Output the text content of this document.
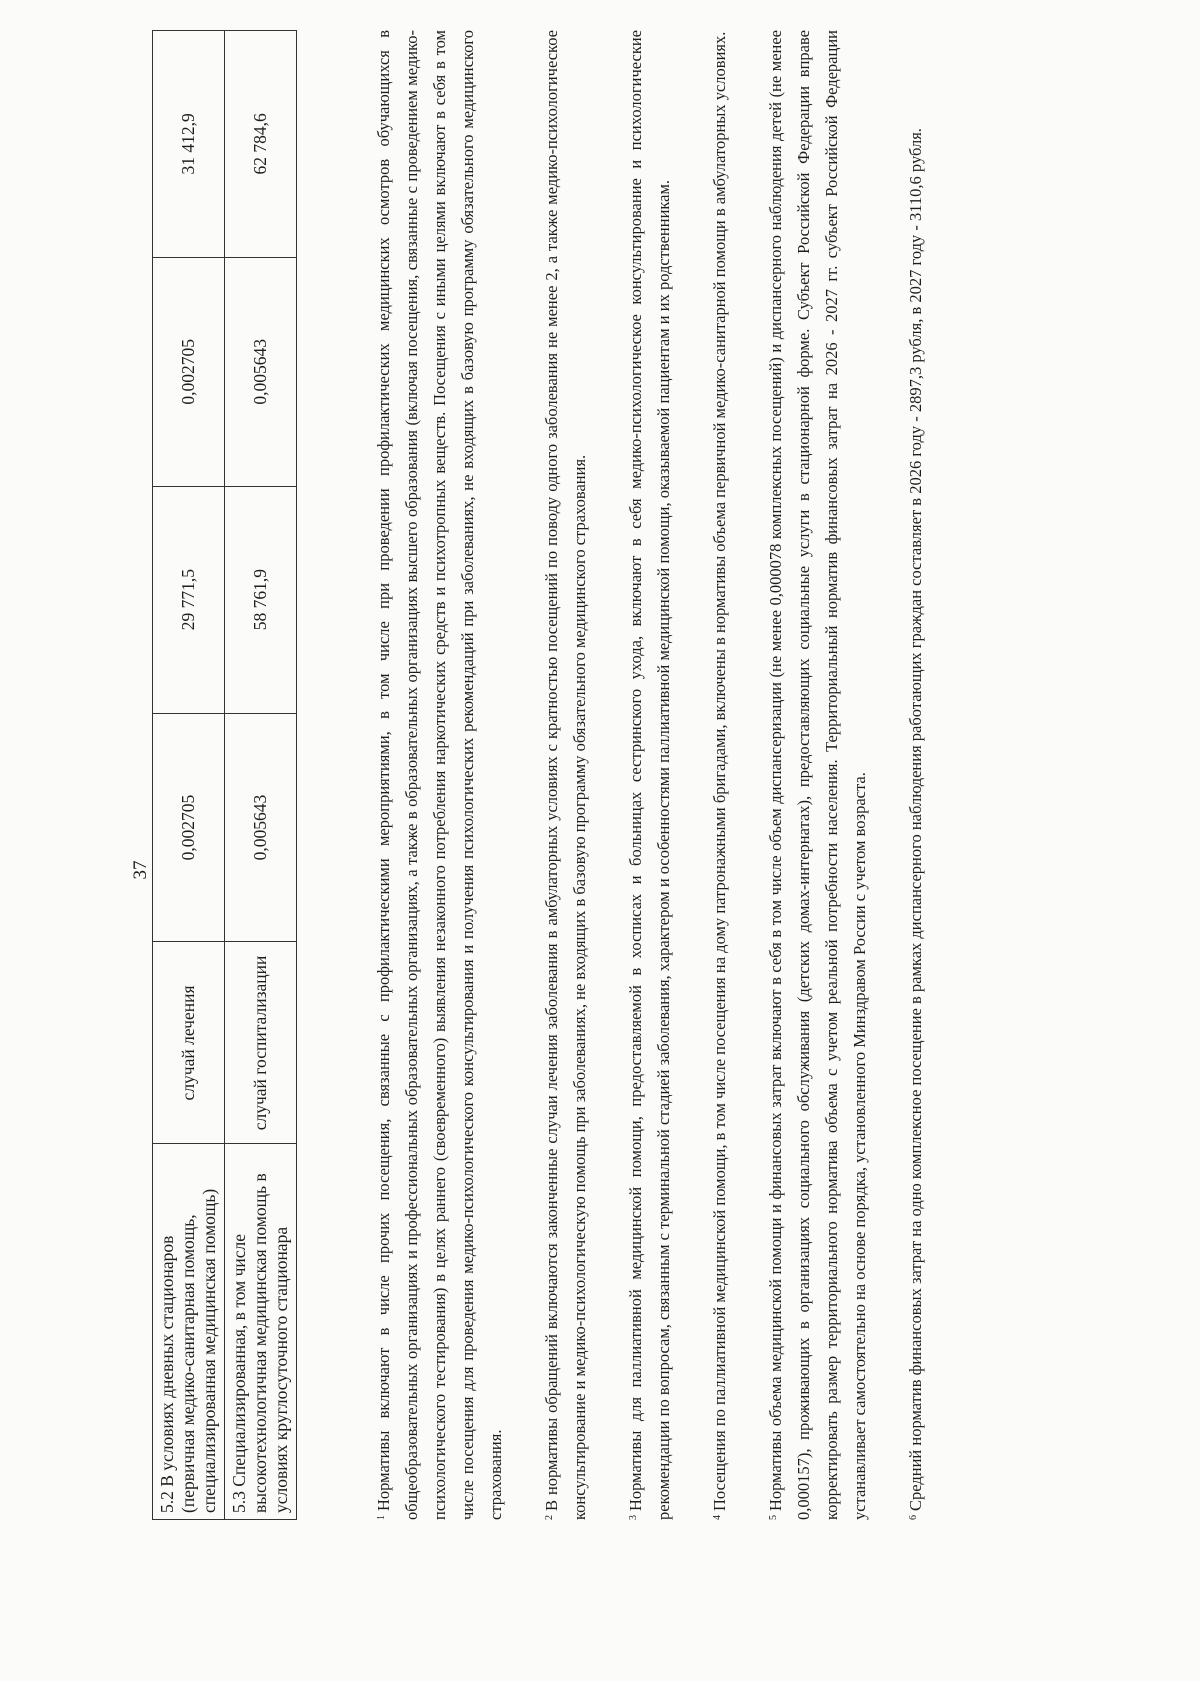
37
5.2 В условиях дневных стационаров (первичная медико-санитарная помощь, специализированная медицинская помощь)	случай лечения	0,002705	29 771,5	0,002705	31 412,9
5.3 Специализированная, в том числе высокотехнологичная медицинская помощь в условиях круглосуточного стационара	случай госпитализации	0,005643	58 761,9	0,005643	62 784,6

$^1$Нормативы включают в числе прочих посещения, связанные с профилактическими мероприятиями, в том числе при проведении профилактических медицинских осмотров обучающихся в общеобразовательных организациях и профессиональных образовательных организациях, а также в образовательных организациях высшего образования (включая посещения, связанные с проведением медико-психологического тестирования) в целях раннего (своевременного) выявления незаконного потребления наркотических средств и психотропных веществ. Посещения с иными целями включают в себя в том числе посещения для проведения медико-психологического консультирования и получения психологических рекомендаций при заболеваниях, не входящих в базовую программу обязательного медицинского страхования.	$^2$В нормативы обращений включаются законченные случаи лечения заболевания в амбулаторных условиях с кратностью посещений по поводу одного заболевания не менее 2, а также медико-психологическое консультирование и медико-психологическую помощь при заболеваниях, не входящих в базовую программу обязательного медицинского страхования.	$^3$Нормативы для паллиативной медицинской помощи, предоставляемой в хосписах и больницах сестринского ухода, включают в себя медико-психологическое консультирование и психологические рекомендации по вопросам, связанным с терминальной стадией заболевания, характером и особенностями паллиативной медицинской помощи, оказываемой пациентам и их родственникам.	$^4$Посещения по паллиативной медицинской помощи, в том числе посещения на дому патронажными бригадами, включены в нормативы объема первичной медико-санитарной помощи в амбулаторных условиях.

$^5$Нормативы объема медицинской помощи и финансовых затрат включают в себя в том числе объем диспансеризации (не менее 0,000078 комплексных посещений) и диспансерного наблюдения детей (не менее 0,000157), проживающих в организациях социального обслуживания (детских домах-интернатах), предоставляющих социальные услуги в стационарной форме. Субъект Российской Федерации вправе корректировать размер территориального норматива объема с учетом реальной потребности населения. Территориальный норматив финансовых затрат на 2026 - 2027 гг. субъект Российской Федерации устанавливает самостоятельно на основе порядка, установленного Минздравом России с учетом возраста.	$^6$Средний норматив финансовых затрат на одно комплексное посещение в рамках диспансерного наблюдения работающих граждан составляет в 2026 году - 2897,3 рубля, в 2027 году - 3110,6 рубля.
